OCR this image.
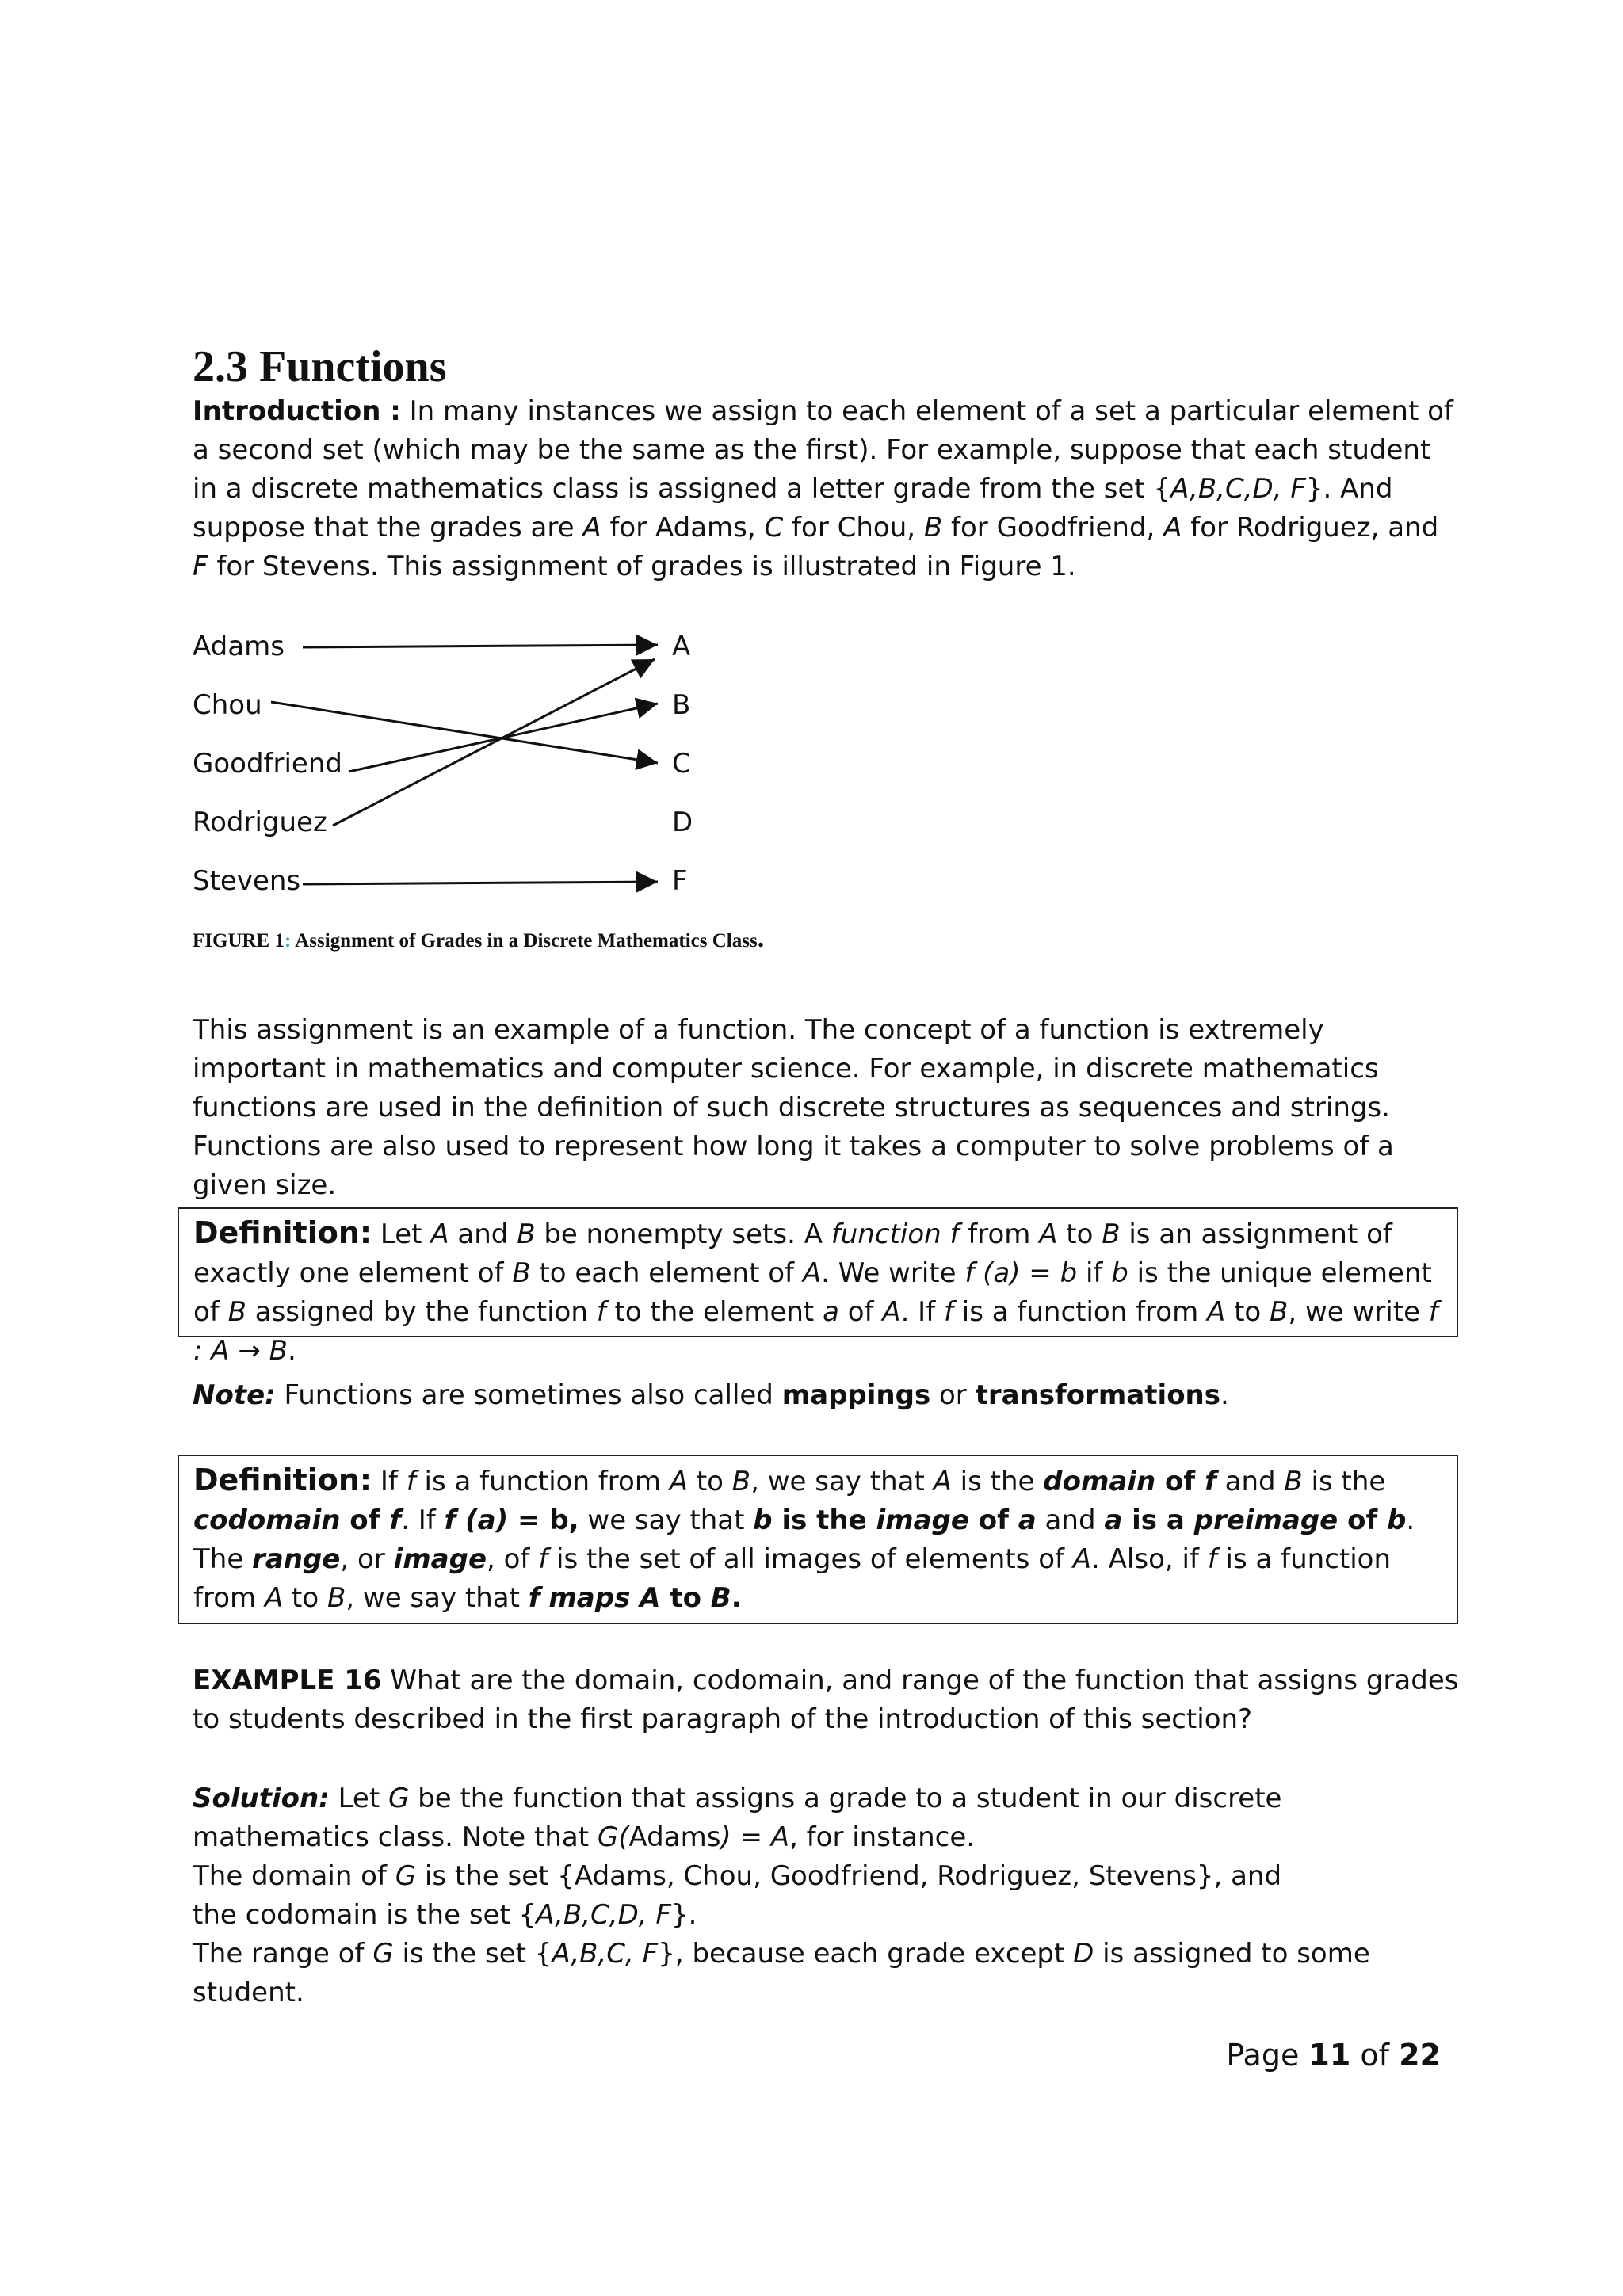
2.3 Functions

Introduction : In many instances we assign to each element of a set a particular element of a second set (which may be the same as the first). For example, suppose that each student in a discrete mathematics class is assigned a letter grade from the set {A,B,C,D, F}. And suppose that the grades are A for Adams, C for Chou, B for Goodfriend, A for Rodriguez, and F for Stevens. This assignment of grades is illustrated in Figure 1.

Adams
Chou
Goodfriend
Rodriguez
Stevens
A
B
C
D
F
FIGURE 1: Assignment of Grades in a Discrete Mathematics Class.
This assignment is an example of a function. The concept of a function is extremely important in mathematics and computer science. For example, in discrete mathematics functions are used in the definition of such discrete structures as sequences and strings. Functions are also used to represent how long it takes a computer to solve problems of a given size.
Definition: Let A and B be nonempty sets. A function f from A to B is an assignment of exactly one element of B to each element of A. We write f (a) = b if b is the unique element of B assigned by the function f to the element a of A. If f is a function from A to B, we write f : A → B.
Note: Functions are sometimes also called mappings or transformations.
Definition: If f is a function from A to B, we say that A is the domain of f and B is the codomain of f. If f (a) = b, we say that b is the image of a and a is a preimage of b. The range, or image, of f is the set of all images of elements of A. Also, if f is a function from A to B, we say that f maps A to B.
EXAMPLE 16 What are the domain, codomain, and range of the function that assigns grades to students described in the first paragraph of the introduction of this section?
Solution: Let G be the function that assigns a grade to a student in our discrete mathematics class. Note that G(Adams) = A, for instance.
The domain of G is the set {Adams, Chou, Goodfriend, Rodriguez, Stevens}, and
the codomain is the set {A,B,C,D, F}.
The range of G is the set {A,B,C, F}, because each grade except D is assigned to some student.
Page 11 of 22
